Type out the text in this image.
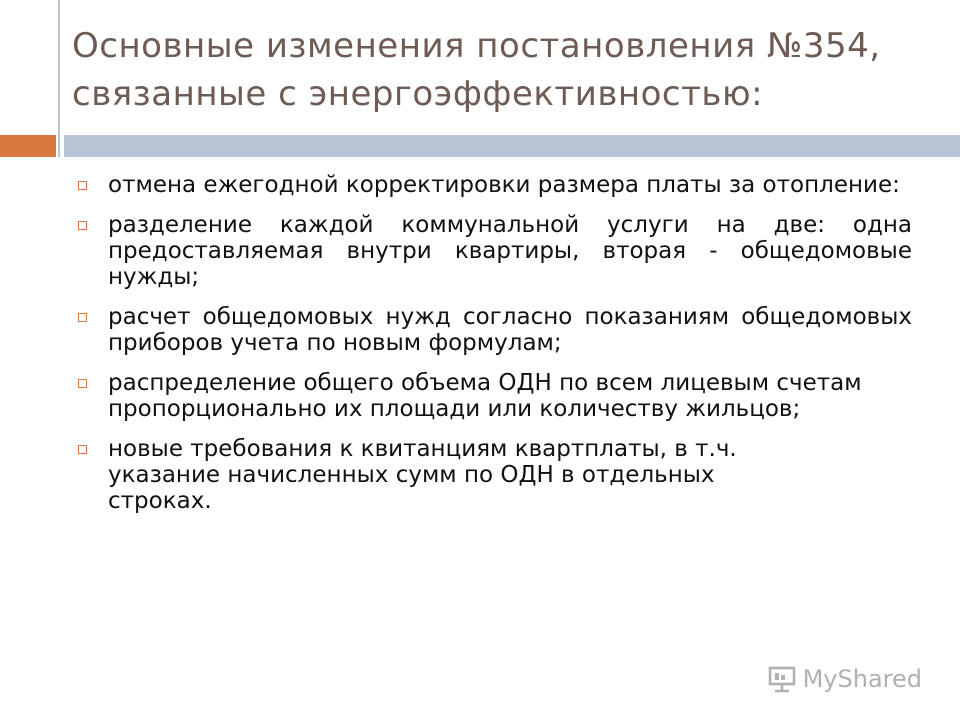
Основные изменения постановления №354, связанные с энергоэффективностью:
отмена ежегодной корректировки размера платы за отопление:
разделение каждой коммунальной услуги на две: одна предоставляемая внутри квартиры, вторая - общедомовые нужды;
расчет общедомовых нужд согласно показаниям общедомовых приборов учета по новым формулам;
распределение общего объема ОДН по всем лицевым счетам пропорционально их площади или количеству жильцов;
новые требования к квитанциям квартплаты, в т.ч. указание начисленных сумм по ОДН в отдельных строках.
MyShared
